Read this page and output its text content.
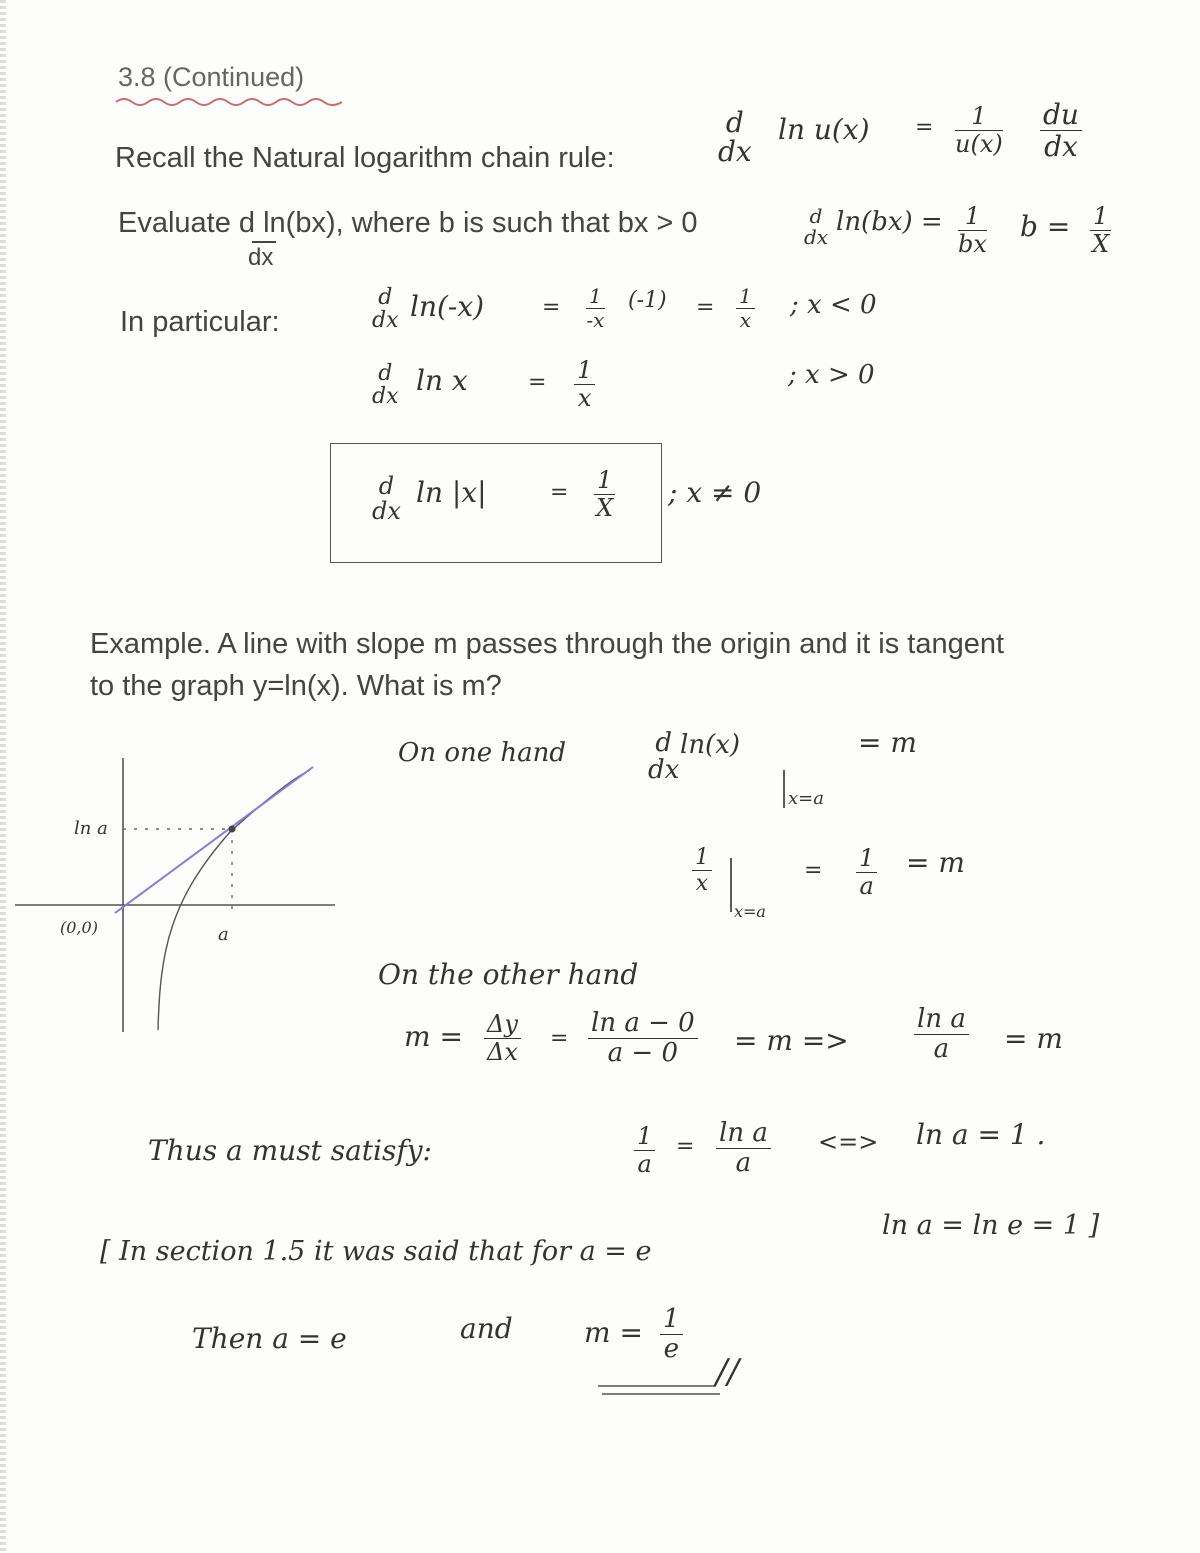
3.8 (Continued)
Recall the Natural logarithm chain rule:
d
dx
ln u(x) = 1
u(x)
du
dx
Evaluate d ln(bx), where b is such that bx > 0
dx
d
dx ln(bx) = 1
bx
b = 1
X
In particular:
d
dx ln(-x)	= 1
-x
(-1) = 1
x ; x < 0
d
dx ln x	= 1
x
; x > 0
d
dx
ln |x|	= 1
X ; x ≠ 0
Example. A line with slope m passes through the origin and it is tangent
to the graph y=ln(x). What is m?
ln a
(0,0)	a
On one hand	d
dx
ln(x)
x=a
= m
1
x
x=a
= 1
a
= m
On the other hand
m = Δy
Δx =
ln a − 0
a − 0 = m =>
ln a
a = m
Thus a must satisfy:	1
a
= ln a
a
<=> ln a = 1 .
[ In section 1.5 it was said that for a = e
ln a = ln e = 1 ]
Then a = e	and	m = 1
e
//
